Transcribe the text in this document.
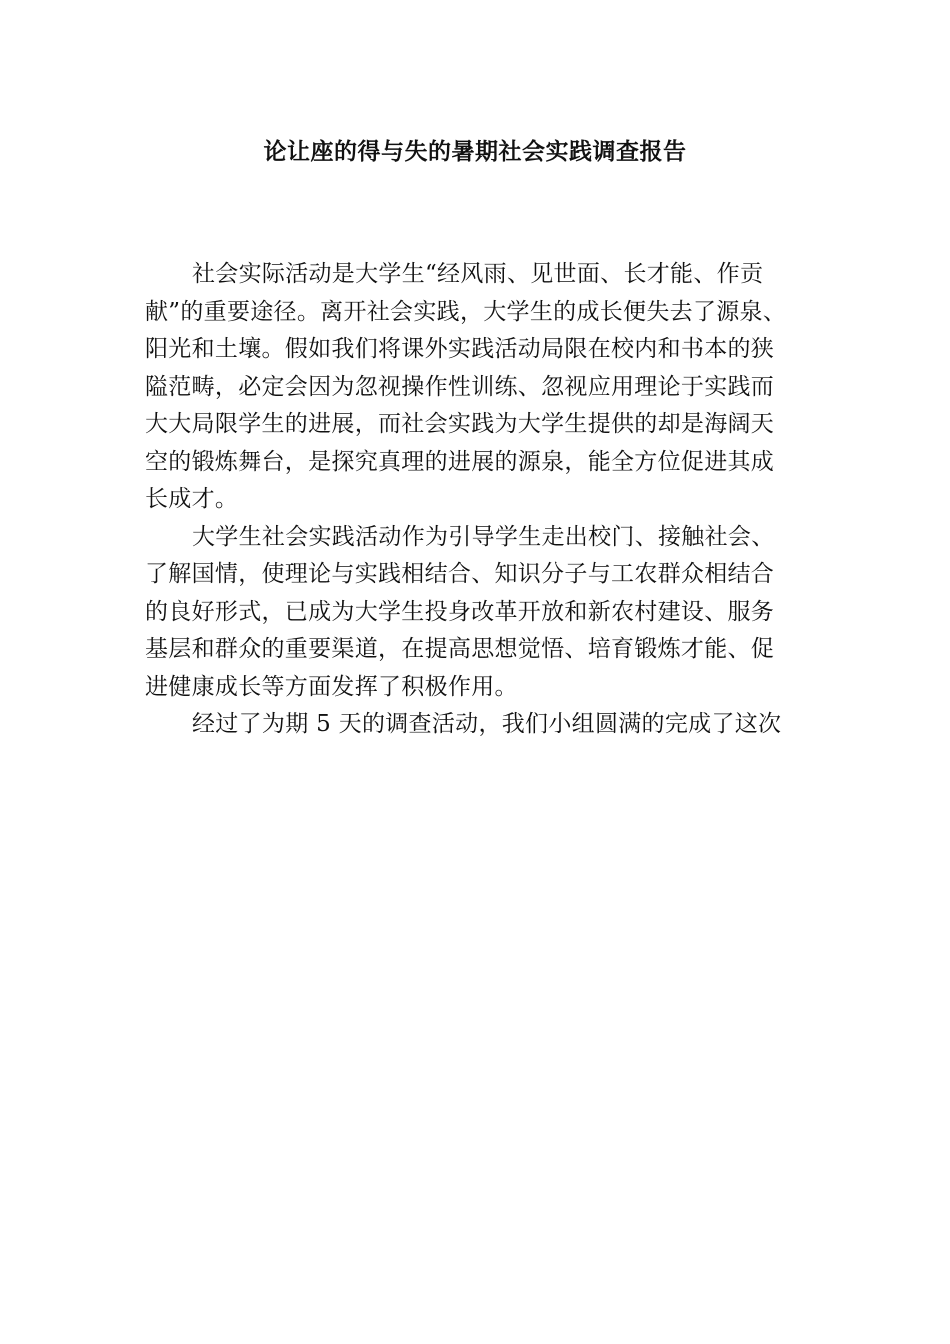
论让座的得与失的暑期社会实践调查报告
社会实际活动是大学生“经风雨、见世面、长才能、作贡
献”的重要途径。离开社会实践，大学生的成长便失去了源泉、
阳光和土壤。假如我们将课外实践活动局限在校内和书本的狭
隘范畴，必定会因为忽视操作性训练、忽视应用理论于实践而
大大局限学生的进展，而社会实践为大学生提供的却是海阔天
空的锻炼舞台，是探究真理的进展的源泉，能全方位促进其成
长成才。
大学生社会实践活动作为引导学生走出校门、接触社会、
了解国情，使理论与实践相结合、知识分子与工农群众相结合
的良好形式，已成为大学生投身改革开放和新农村建设、服务
基层和群众的重要渠道，在提高思想觉悟、培育锻炼才能、促
进健康成长等方面发挥了积极作用。
经过了为期 5 天的调查活动，我们小组圆满的完成了这次
